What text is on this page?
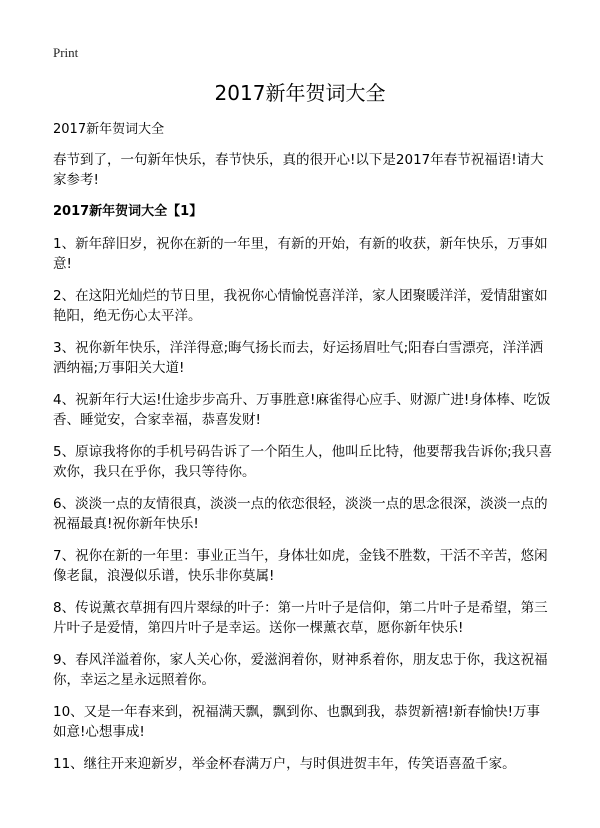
Print
2017新年贺词大全

2017新年贺词大全

春节到了，一句新年快乐，春节快乐，真的很开心!以下是2017年春节祝福语!请大家参考!

2017新年贺词大全【1】

1、新年辞旧岁，祝你在新的一年里，有新的开始，有新的收获，新年快乐，万事如意!
2、在这阳光灿烂的节日里，我祝你心情愉悦喜洋洋，家人团聚暖洋洋，爱情甜蜜如艳阳，绝无伤心太平洋。
3、祝你新年快乐，洋洋得意;晦气扬长而去，好运扬眉吐气;阳春白雪漂亮，洋洋洒洒纳福;万事阳关大道!
4、祝新年行大运!仕途步步高升、万事胜意!麻雀得心应手、财源广进!身体棒、吃饭香、睡觉安，合家幸福，恭喜发财!
5、原谅我将你的手机号码告诉了一个陌生人，他叫丘比特，他要帮我告诉你;我只喜欢你，我只在乎你，我只等待你。
6、淡淡一点的友情很真，淡淡一点的依恋很轻，淡淡一点的思念很深，淡淡一点的祝福最真!祝你新年快乐!
7、祝你在新的一年里：事业正当午，身体壮如虎，金钱不胜数，干活不辛苦，悠闲像老鼠，浪漫似乐谱，快乐非你莫属!
8、传说薰衣草拥有四片翠绿的叶子：第一片叶子是信仰，第二片叶子是希望，第三片叶子是爱情，第四片叶子是幸运。送你一棵薰衣草，愿你新年快乐!
9、春风洋溢着你，家人关心你，爱滋润着你，财神系着你，朋友忠于你，我这祝福你，幸运之星永远照着你。
10、又是一年春来到，祝福满天飘，飘到你、也飘到我，恭贺新禧!新春愉快!万事如意!心想事成!
11、继往开来迎新岁，举金杯春满万户，与时俱进贺丰年，传笑语喜盈千家。
